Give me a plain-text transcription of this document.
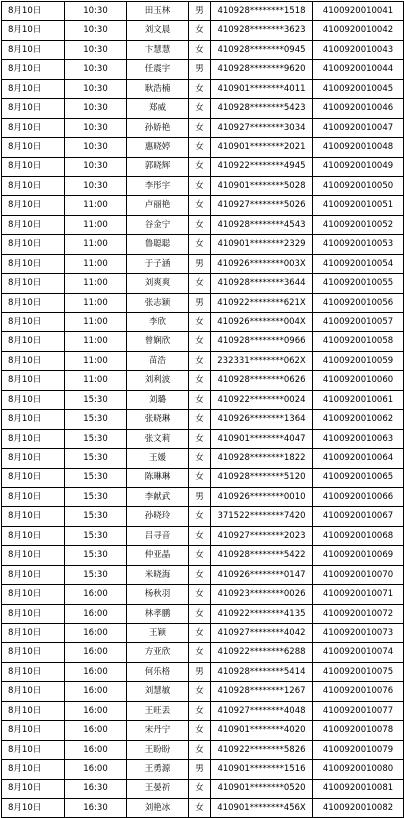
8月10日	10:30	田玉林	男	410928********1518	4100920010041
8月10日	10:30	刘文晨	女	410928********3623	4100920010042
8月10日	10:30	卞慧慧	女	410928********0945	4100920010043
8月10日	10:30	任震宇	男	410928********9620	4100920010044
8月10日	10:30	耿浩楠	女	410901********4011	4100920010045
8月10日	10:30	郑威	女	410928********5423	4100920010046
8月10日	10:30	孙娇艳	女	410927********3034	4100920010047
8月10日	10:30	惠晓婷	女	410901********2021	4100920010048
8月10日	10:30	郭晓辉	女	410922********4945	4100920010049
8月10日	10:30	李彤宇	女	410901********5028	4100920010050
8月10日	11:00	卢丽艳	女	410927********5026	4100920010051
8月10日	11:00	谷金宁	女	410928********4543	4100920010052
8月10日	11:00	鲁聪聪	女	410901********2329	4100920010053
8月10日	11:00	于子涵	男	410926********003X	4100920010054
8月10日	11:00	刘爽爽	女	410928********3644	4100920010055
8月10日	11:00	张志颖	男	410922********621X	4100920010056
8月10日	11:00	李欣	女	410926********004X	4100920010057
8月10日	11:00	曾娴欣	女	410928********0966	4100920010058
8月10日	11:00	苗浩	女	232331********062X	4100920010059
8月10日	11:00	刘利波	女	410928********0626	4100920010060
8月10日	15:30	刘璐	女	410922********0024	4100920010061
8月10日	15:30	张晓琳	女	410926********1364	4100920010062
8月10日	15:30	张文莉	女	410901********4047	4100920010063
8月10日	15:30	王媛	女	410928********1822	4100920010064
8月10日	15:30	陈琳琳	女	410928********5120	4100920010065
8月10日	15:30	李献武	男	410926********0010	4100920010066
8月10日	15:30	孙晓玲	女	371522********7420	4100920010067
8月10日	15:30	吕寻音	女	410927********2023	4100920010068
8月10日	15:30	仲亚晶	女	410928********5422	4100920010069
8月10日	15:30	米晓海	女	410926********0147	4100920010070
8月10日	16:00	杨秋羽	女	410923********0026	4100920010071
8月10日	16:00	林孝鹏	女	410922********4135	4100920010072
8月10日	16:00	王颖	女	410927********4042	4100920010073
8月10日	16:00	方亚欣	女	410922********6288	4100920010074
8月10日	16:00	何乐格	男	410928********5414	4100920010075
8月10日	16:00	刘慧敏	女	410928********1267	4100920010076
8月10日	16:00	王旺丢	女	410927********4048	4100920010077
8月10日	16:00	宋丹宁	女	410901********4020	4100920010078
8月10日	16:00	王盼盼	女	410922********5826	4100920010079
8月10日	16:00	王勇源	男	410901********1516	4100920010080
8月10日	16:30	王晏祈	女	410901********0520	4100920010081
8月10日	16:30	刘艳冰	女	410901********456X	4100920010082
